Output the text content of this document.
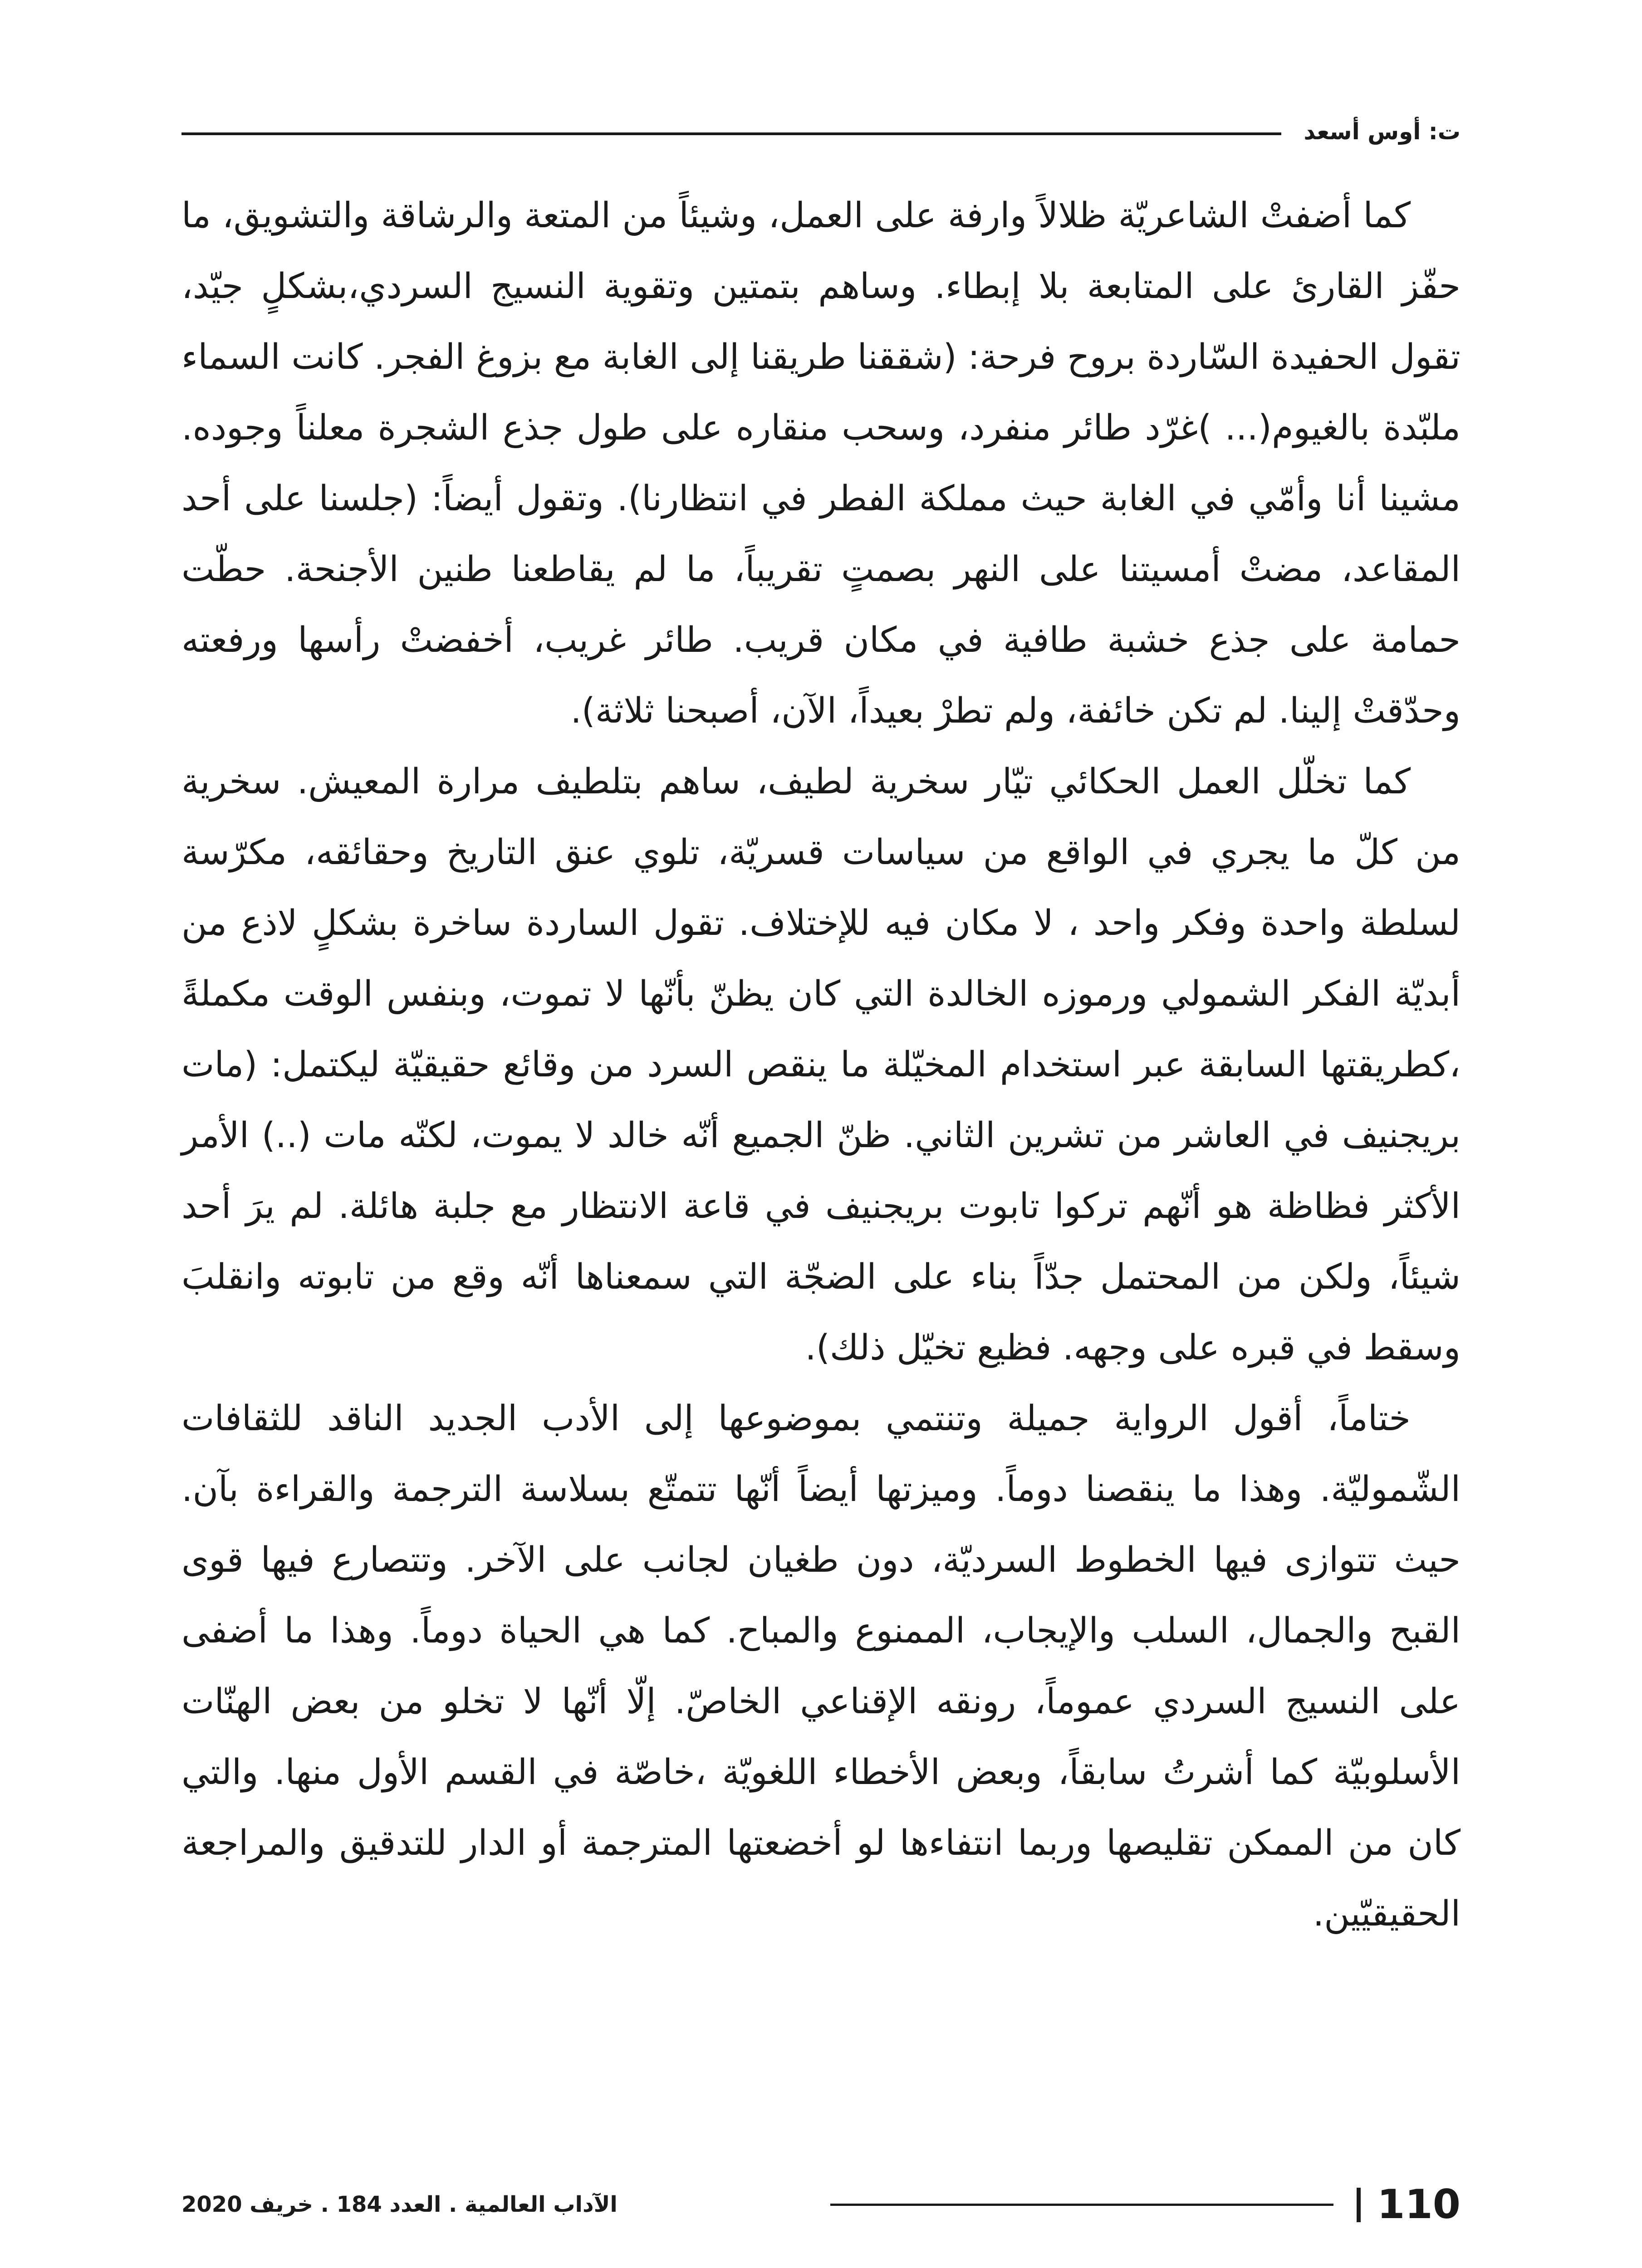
ت: أوس أسعد

كما أضفتْ الشاعريّة ظلالاً وارفة على العمل، وشيئاً من المتعة والرشاقة والتشويق، ما حفّز القارئ على المتابعة بلا إبطاء. وساهم بتمتين وتقوية النسيج السردي،بشكلٍ جيّد، تقول الحفيدة السّاردة بروح فرحة: (شققنا طريقنا إلى الغابة مع بزوغ الفجر. كانت السماء ملبّدة بالغيوم(... )غرّد طائر منفرد، وسحب منقاره على طول جذع الشجرة معلناً وجوده. مشينا أنا وأمّي في الغابة حيث مملكة الفطر في انتظارنا). وتقول أيضاً: (جلسنا على أحد المقاعد، مضتْ أمسيتنا على النهر بصمتٍ تقريباً، ما لم يقاطعنا طنين الأجنحة. حطّت حمامة على جذع خشبة طافية في مكان قريب. طائر غريب، أخفضتْ رأسها ورفعته وحدّقتْ إلينا. لم تكن خائفة، ولم تطرْ بعيداً، الآن، أصبحنا ثلاثة).

كما تخلّل العمل الحكائي تيّار سخرية لطيف، ساهم بتلطيف مرارة المعيش. سخرية من كلّ ما يجري في الواقع من سياسات قسريّة، تلوي عنق التاريخ وحقائقه، مكرّسة لسلطة واحدة وفكر واحد ، لا مكان فيه للإختلاف. تقول الساردة ساخرة بشكلٍ لاذع من أبديّة الفكر الشمولي ورموزه الخالدة التي كان يظنّ بأنّها لا تموت، وبنفس الوقت مكملةً ،كطريقتها السابقة عبر استخدام المخيّلة ما ينقص السرد من وقائع حقيقيّة ليكتمل: (مات بريجنيف في العاشر من تشرين الثاني. ظنّ الجميع أنّه خالد لا يموت، لكنّه مات (..) الأمر الأكثر فظاظة هو أنّهم تركوا تابوت بريجنيف في قاعة الانتظار مع جلبة هائلة. لم يرَ أحد شيئاً، ولكن من المحتمل جدّاً بناء على الضجّة التي سمعناها أنّه وقع من تابوته وانقلبَ وسقط في قبره على وجهه. فظيع تخيّل ذلك).

ختاماً، أقول الرواية جميلة وتنتمي بموضوعها إلى الأدب الجديد الناقد للثقافات الشّموليّة. وهذا ما ينقصنا دوماً. وميزتها أيضاً أنّها تتمتّع بسلاسة الترجمة والقراءة بآن. حيث تتوازى فيها الخطوط السرديّة، دون طغيان لجانب على الآخر. وتتصارع فيها قوى القبح والجمال، السلب والإيجاب، الممنوع والمباح. كما هي الحياة دوماً. وهذا ما أضفى على النسيج السردي عموماً، رونقه الإقناعي الخاصّ. إلّا أنّها لا تخلو من بعض الهنّات الأسلوبيّة كما أشرتُ سابقاً، وبعض الأخطاء اللغويّة ،خاصّة في القسم الأول منها. والتي كان من الممكن تقليصها وربما انتفاءها لو أخضعتها المترجمة أو الدار للتدقيق والمراجعة الحقيقيّين.

110
الآداب العالمية . العدد 184 . خريف 2020
